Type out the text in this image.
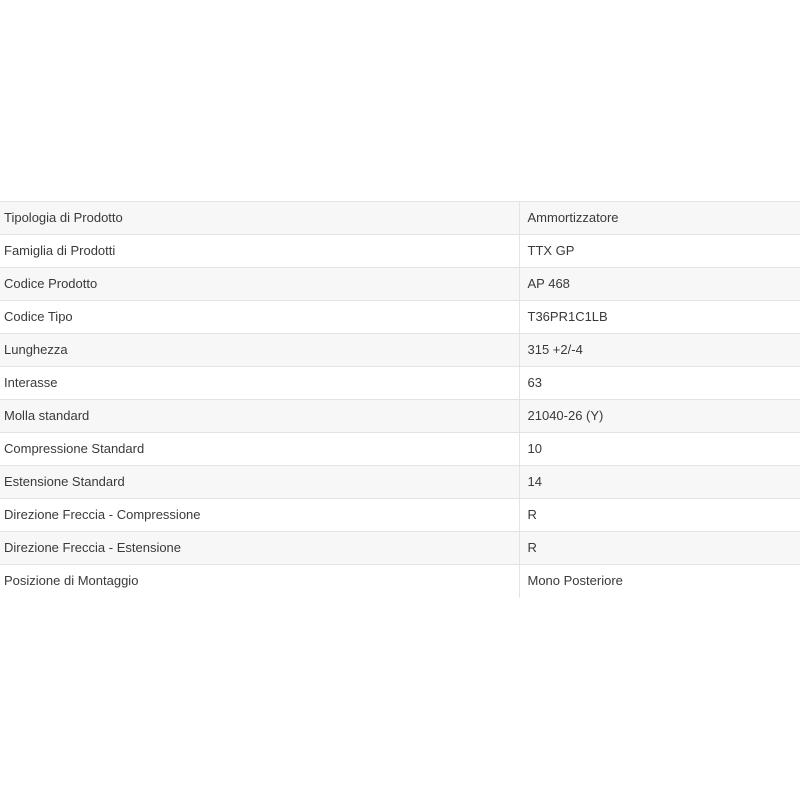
Tipologia di Prodotto	Ammortizzatore
Famiglia di Prodotti	TTX GP
Codice Prodotto	AP 468
Codice Tipo	T36PR1C1LB
Lunghezza	315 +2/-4
Interasse	63
Molla standard	21040-26 (Y)
Compressione Standard	10
Estensione Standard	14
Direzione Freccia - Compressione	R
Direzione Freccia - Estensione	R
Posizione di Montaggio	Mono Posteriore
